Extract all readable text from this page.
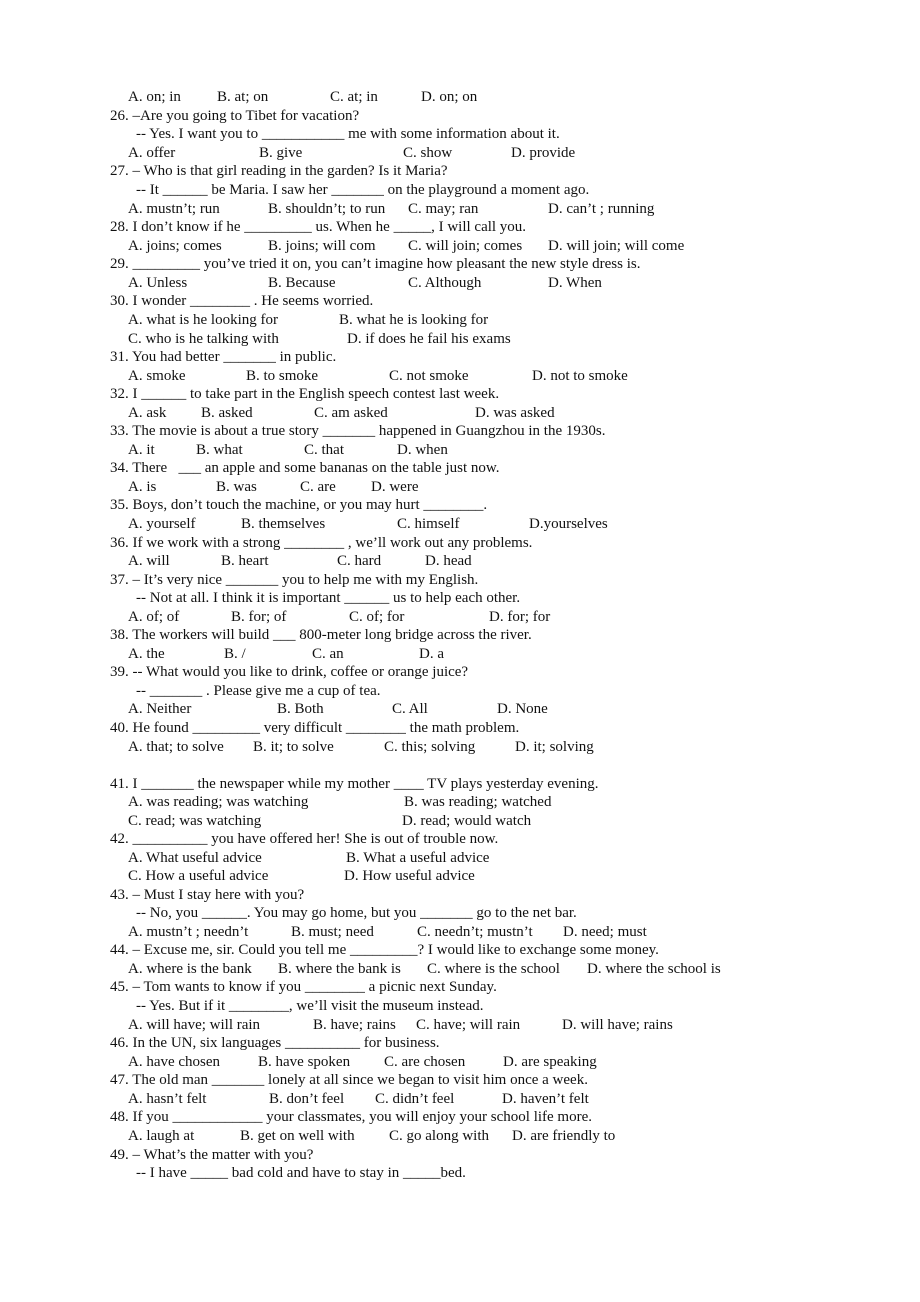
A. on; in B. at; on	C. at; in	D. on; on
26. –Are you going to Tibet for vacation?
-- Yes. I want you to ___________ me with some information about it.
A. offer	B. give	C. show	D. provide
27. – Who is that girl reading in the garden? Is it Maria?
-- It ______ be Maria. I saw her _______ on the playground a moment ago.
A. mustn’t; run	B. shouldn’t; to run C. may; ran	D. can’t ; running
28. I don’t know if he _________ us. When he _____, I will call you.
A. joins; comes	B. joins; will com C. will join; comes D. will join; will come
29. _________ you’ve tried it on, you can’t imagine how pleasant the new style dress is.
A. Unless	B. Because	C. Although	D. When
30. I wonder ________ . He seems worried.
A. what is he looking for	B. what he is looking for
C. who is he talking with	D. if does he fail his exams
31. You had better _______ in public.
A. smoke	B. to smoke	C. not smoke	D. not to smoke
32. I ______ to take part in the English speech contest last week.
A. ask B. asked	C. am asked	D. was asked
33. The movie is about a true story _______ happened in Guangzhou in the 1930s.
A. it	B. what	C. that	D. when
34. There   ___ an apple and some bananas on the table just now.
A. is	B. was	C. are D. were
35. Boys, don’t touch the machine, or you may hurt ________.
A. yourself	B. themselves	C. himself	D.yourselves
36. If we work with a strong ________ , we’ll work out any problems.
A. will	B. heart	C. hard	D. head
37. – It’s very nice _______ you to help me with my English.
-- Not at all. I think it is important ______ us to help each other.
A. of; of	B. for; of	C. of; for	D. for; for
38. The workers will build ___ 800-meter long bridge across the river.
A. the	B. /	C. an	D. a
39. -- What would you like to drink, coffee or orange juice?
-- _______ . Please give me a cup of tea.
A. Neither	B. Both	C. All	D. None
40. He found _________ very difficult ________ the math problem.
A. that; to solve B. it; to solve	C. this; solving	D. it; solving
41. I _______ the newspaper while my mother ____ TV plays yesterday evening.
A. was reading; was watching	B. was reading; watched
C. read; was watching	D. read; would watch
42. __________ you have offered her! She is out of trouble now.
A. What useful advice	B. What a useful advice
C. How a useful advice	D. How useful advice
43. – Must I stay here with you?
-- No, you ______. You may go home, but you _______ go to the net bar.
A. mustn’t ; needn’t	B. must; need	C. needn’t; mustn’t D. need; must
44. – Excuse me, sir. Could you tell me _________? I would like to exchange some money.
A. where is the bank B. where the bank is C. where is the school D. where the school is
45. – Tom wants to know if you ________ a picnic next Sunday.
-- Yes. But if it ________, we’ll visit the museum instead.
A. will have; will rain	B. have; rains C. have; will rain	D. will have; rains
46. In the UN, six languages __________ for business.
A. have chosen	B. have spoken C. are chosen	D. are speaking
47. The old man _______ lonely at all since we began to visit him once a week.
A. hasn’t felt	B. don’t feel C. didn’t feel	D. haven’t felt
48. If you ____________ your classmates, you will enjoy your school life more.
A. laugh at	B. get on well with C. go along with D. are friendly to
49. – What’s the matter with you?
-- I have _____ bad cold and have to stay in _____bed.
